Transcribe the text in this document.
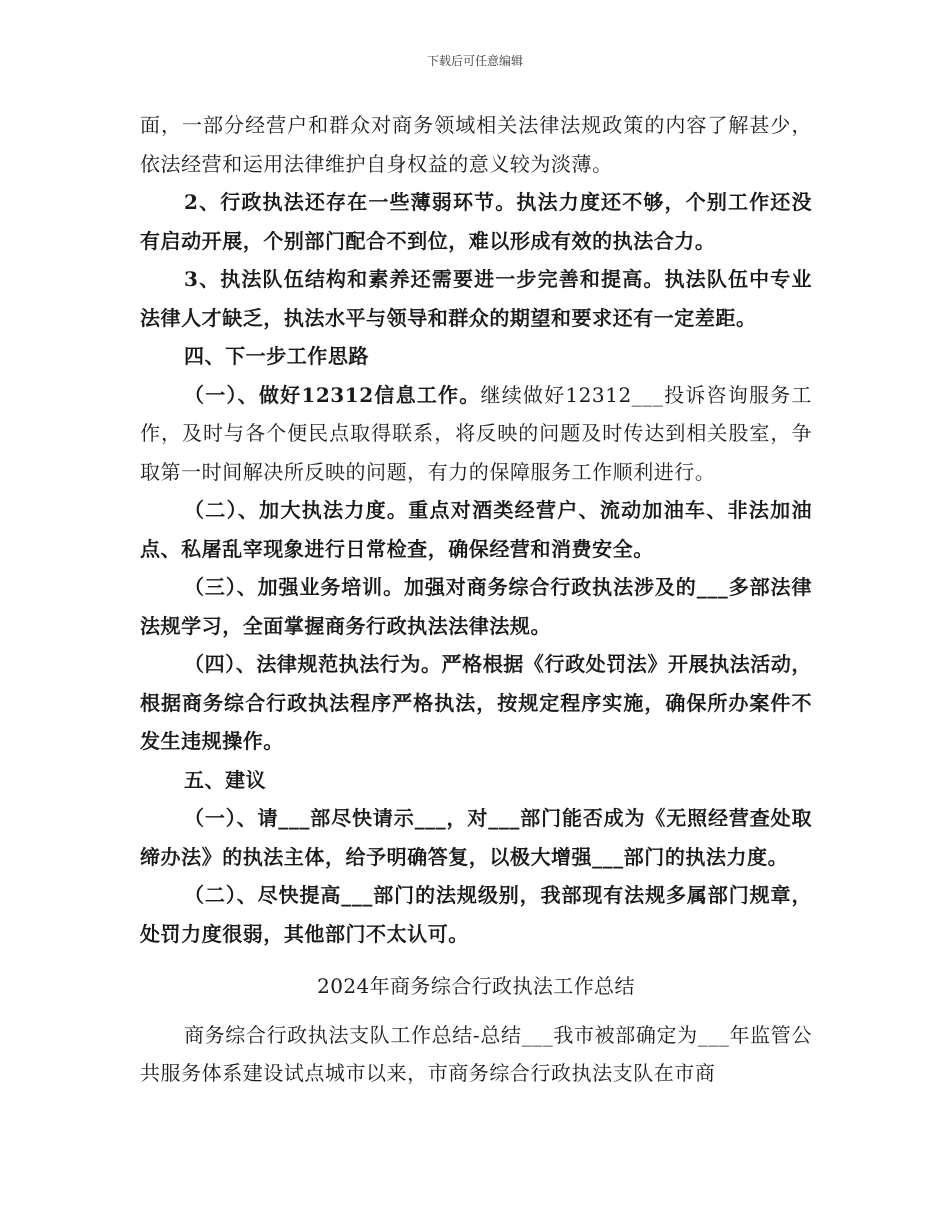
下载后可任意编辑

面，一部分经营户和群众对商务领域相关法律法规政策的内容了解甚少，依法经营和运用法律维护自身权益的意义较为淡薄。

2、行政执法还存在一些薄弱环节。执法力度还不够，个别工作还没有启动开展，个别部门配合不到位，难以形成有效的执法合力。

3、执法队伍结构和素养还需要进一步完善和提高。执法队伍中专业法律人才缺乏，执法水平与领导和群众的期望和要求还有一定差距。

四、下一步工作思路

（一）、做好12312信息工作。继续做好12312___投诉咨询服务工作，及时与各个便民点取得联系，将反映的问题及时传达到相关股室，争取第一时间解决所反映的问题，有力的保障服务工作顺利进行。

（二）、加大执法力度。重点对酒类经营户、流动加油车、非法加油点、私屠乱宰现象进行日常检查，确保经营和消费安全。

（三）、加强业务培训。加强对商务综合行政执法涉及的___多部法律法规学习，全面掌握商务行政执法法律法规。

（四）、法律规范执法行为。严格根据《行政处罚法》开展执法活动，根据商务综合行政执法程序严格执法，按规定程序实施，确保所办案件不发生违规操作。

五、建议

（一）、请___部尽快请示___，对___部门能否成为《无照经营查处取缔办法》的执法主体，给予明确答复，以极大增强___部门的执法力度。

（二）、尽快提高___部门的法规级别，我部现有法规多属部门规章，处罚力度很弱，其他部门不太认可。

2024年商务综合行政执法工作总结

商务综合行政执法支队工作总结-总结___我市被部确定为___年监管公共服务体系建设试点城市以来，市商务综合行政执法支队在市商
